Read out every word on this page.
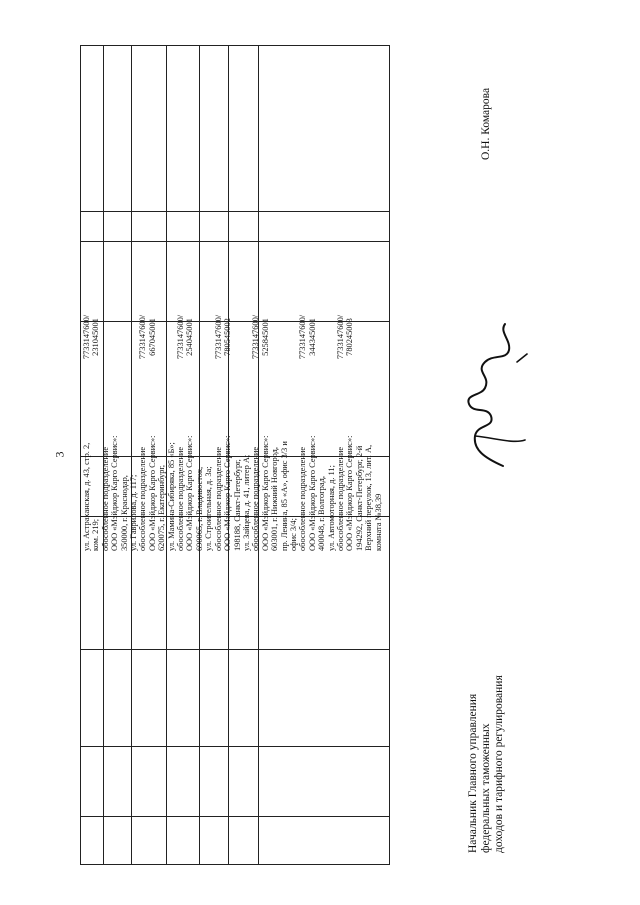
3 ул. Астраханская, д. 43, стр. 2, ком. 219; обособленное подразделение ООО «Мэйджор Карго Сервис»: 350000, г. Краснодар, ул. Гаврилова, д. 117;
7733147600/ 231045001
обособленное подразделение ООО «Мэйджор Карго Сервис»: 620075, г. Екатеринбург, ул. Мамина-Сибиряка, 85 «Б»;
7733147600/ 667045001
обособленное подразделение ООО «Мэйджор Карго Сервис»: 690065, г. Владивосток, ул. Строительная, д. 3а;
7733147600/ 254045001
обособленное подразделение ООО «Мэйджор Карго Сервис»: 198188, Санкт-Петербург, ул. Зайцева, д. 41, литер А;
7733147600/ 780545002
обособленное подразделение ООО «Мэйджор Карго Сервис»: 603001, г. Нижний Новгород, пр. Ленина, 85 «А», офис 3/3 и офис 3/4;
7733147600/ 525845001
обособленное подразделение ООО «Мэйджор Карго Сервис»: 400048, г. Волгоград, ул. Автомоторная, д. 11;
7733147600/ 344345001
обособленное подразделение ООО «Мэйджор Карго Сервис»: 194292, Санкт-Петербург, 2-й Верхний переулок, 13, лит. А, комната №38,39
7733147600/ 780245003
Начальник Главного управления федеральных таможенных доходов и тарифного регулирования
О.Н. Комарова
